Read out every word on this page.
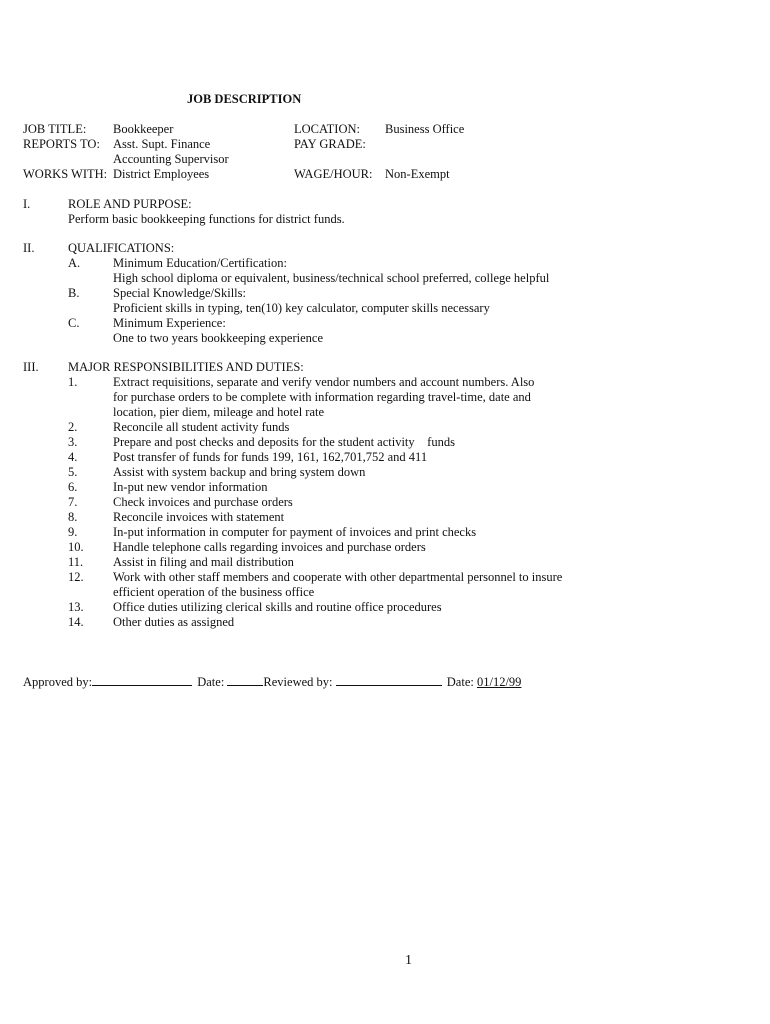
JOB DESCRIPTION
JOB TITLE: Bookkeeper	LOCATION: Business Office
REPORTS TO: Asst. Supt. Finance	PAY GRADE:
Accounting Supervisor
WORKS WITH: District Employees	WAGE/HOUR: Non-Exempt
I.	ROLE AND PURPOSE:
Perform basic bookkeeping functions for district funds.
II.	QUALIFICATIONS:
A.	Minimum Education/Certification:
High school diploma or equivalent, business/technical school preferred, college helpful
B.	Special Knowledge/Skills:
Proficient skills in typing, ten(10) key calculator, computer skills necessary
C.	Minimum Experience:
One to two years bookkeeping experience
III. MAJOR RESPONSIBILITIES AND DUTIES:
1.	Extract requisitions, separate and verify vendor numbers and account numbers. Also
for purchase orders to be complete with information regarding travel-time, date and
location, pier diem, mileage and hotel rate
2.	Reconcile all student activity funds
3.	Prepare and post checks and deposits for the student activity    funds
4.	Post transfer of funds for funds 199, 161, 162,701,752 and 411
5.	Assist with system backup and bring system down
6.	In-put new vendor information
7.	Check invoices and purchase orders
8.	Reconcile invoices with statement
9.	In-put information in computer for payment of invoices and print checks
10. Handle telephone calls regarding invoices and purchase orders
11. Assist in filing and mail distribution
12. Work with other staff members and cooperate with other departmental personnel to insure
efficient operation of the business office
13. Office duties utilizing clerical skills and routine office procedures
14. Other duties as assigned
Approved by:	Date:	Reviewed by:	Date: 01/12/99
1
